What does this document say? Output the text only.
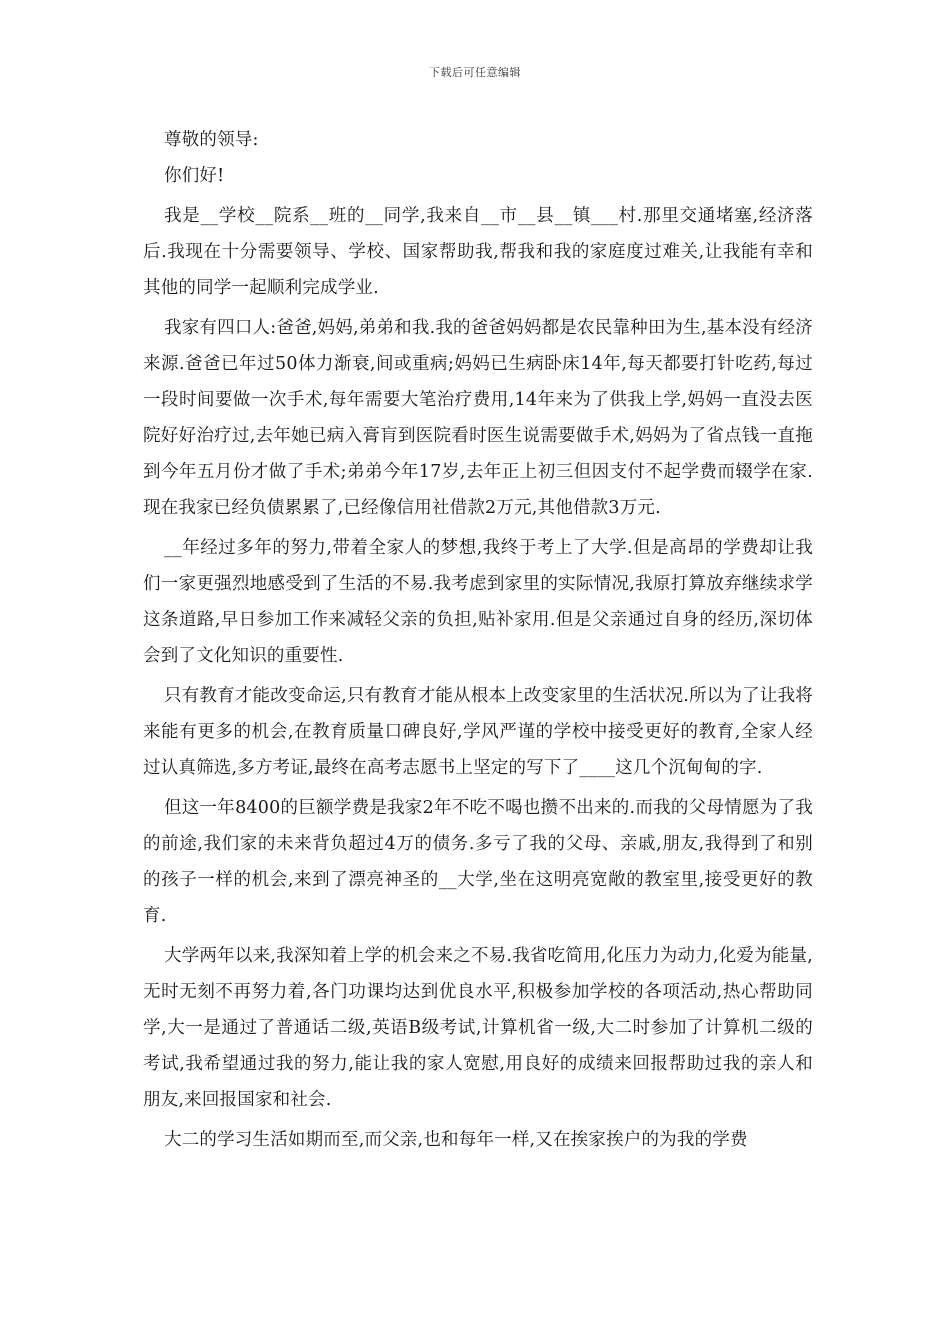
下载后可任意编辑

尊敬的领导:

你们好!

我是__学校__院系__班的__同学,我来自__市__县__镇___村.那里交通堵塞,经济落后.我现在十分需要领导、学校、国家帮助我,帮我和我的家庭度过难关,让我能有幸和其他的同学一起顺利完成学业.

我家有四口人:爸爸,妈妈,弟弟和我.我的爸爸妈妈都是农民靠种田为生,基本没有经济来源.爸爸已年过50体力渐衰,间或重病;妈妈已生病卧床14年,每天都要打针吃药,每过一段时间要做一次手术,每年需要大笔治疗费用,14年来为了供我上学,妈妈一直没去医院好好治疗过,去年她已病入膏肓到医院看时医生说需要做手术,妈妈为了省点钱一直拖到今年五月份才做了手术;弟弟今年17岁,去年正上初三但因支付不起学费而辍学在家.现在我家已经负债累累了,已经像信用社借款2万元,其他借款3万元.

__年经过多年的努力,带着全家人的梦想,我终于考上了大学.但是高昂的学费却让我们一家更强烈地感受到了生活的不易.我考虑到家里的实际情况,我原打算放弃继续求学这条道路,早日参加工作来减轻父亲的负担,贴补家用.但是父亲通过自身的经历,深切体会到了文化知识的重要性.

只有教育才能改变命运,只有教育才能从根本上改变家里的生活状况.所以为了让我将来能有更多的机会,在教育质量口碑良好,学风严谨的学校中接受更好的教育,全家人经过认真筛选,多方考证,最终在高考志愿书上坚定的写下了____这几个沉甸甸的字.

但这一年8400的巨额学费是我家2年不吃不喝也攒不出来的.而我的父母情愿为了我的前途,我们家的未来背负超过4万的债务.多亏了我的父母、亲戚,朋友,我得到了和别的孩子一样的机会,来到了漂亮神圣的__大学,坐在这明亮宽敞的教室里,接受更好的教育.

大学两年以来,我深知着上学的机会来之不易.我省吃简用,化压力为动力,化爱为能量,无时无刻不再努力着,各门功课均达到优良水平,积极参加学校的各项活动,热心帮助同学,大一是通过了普通话二级,英语B级考试,计算机省一级,大二时参加了计算机二级的考试,我希望通过我的努力,能让我的家人宽慰,用良好的成绩来回报帮助过我的亲人和朋友,来回报国家和社会.

大二的学习生活如期而至,而父亲,也和每年一样,又在挨家挨户的为我的学费
